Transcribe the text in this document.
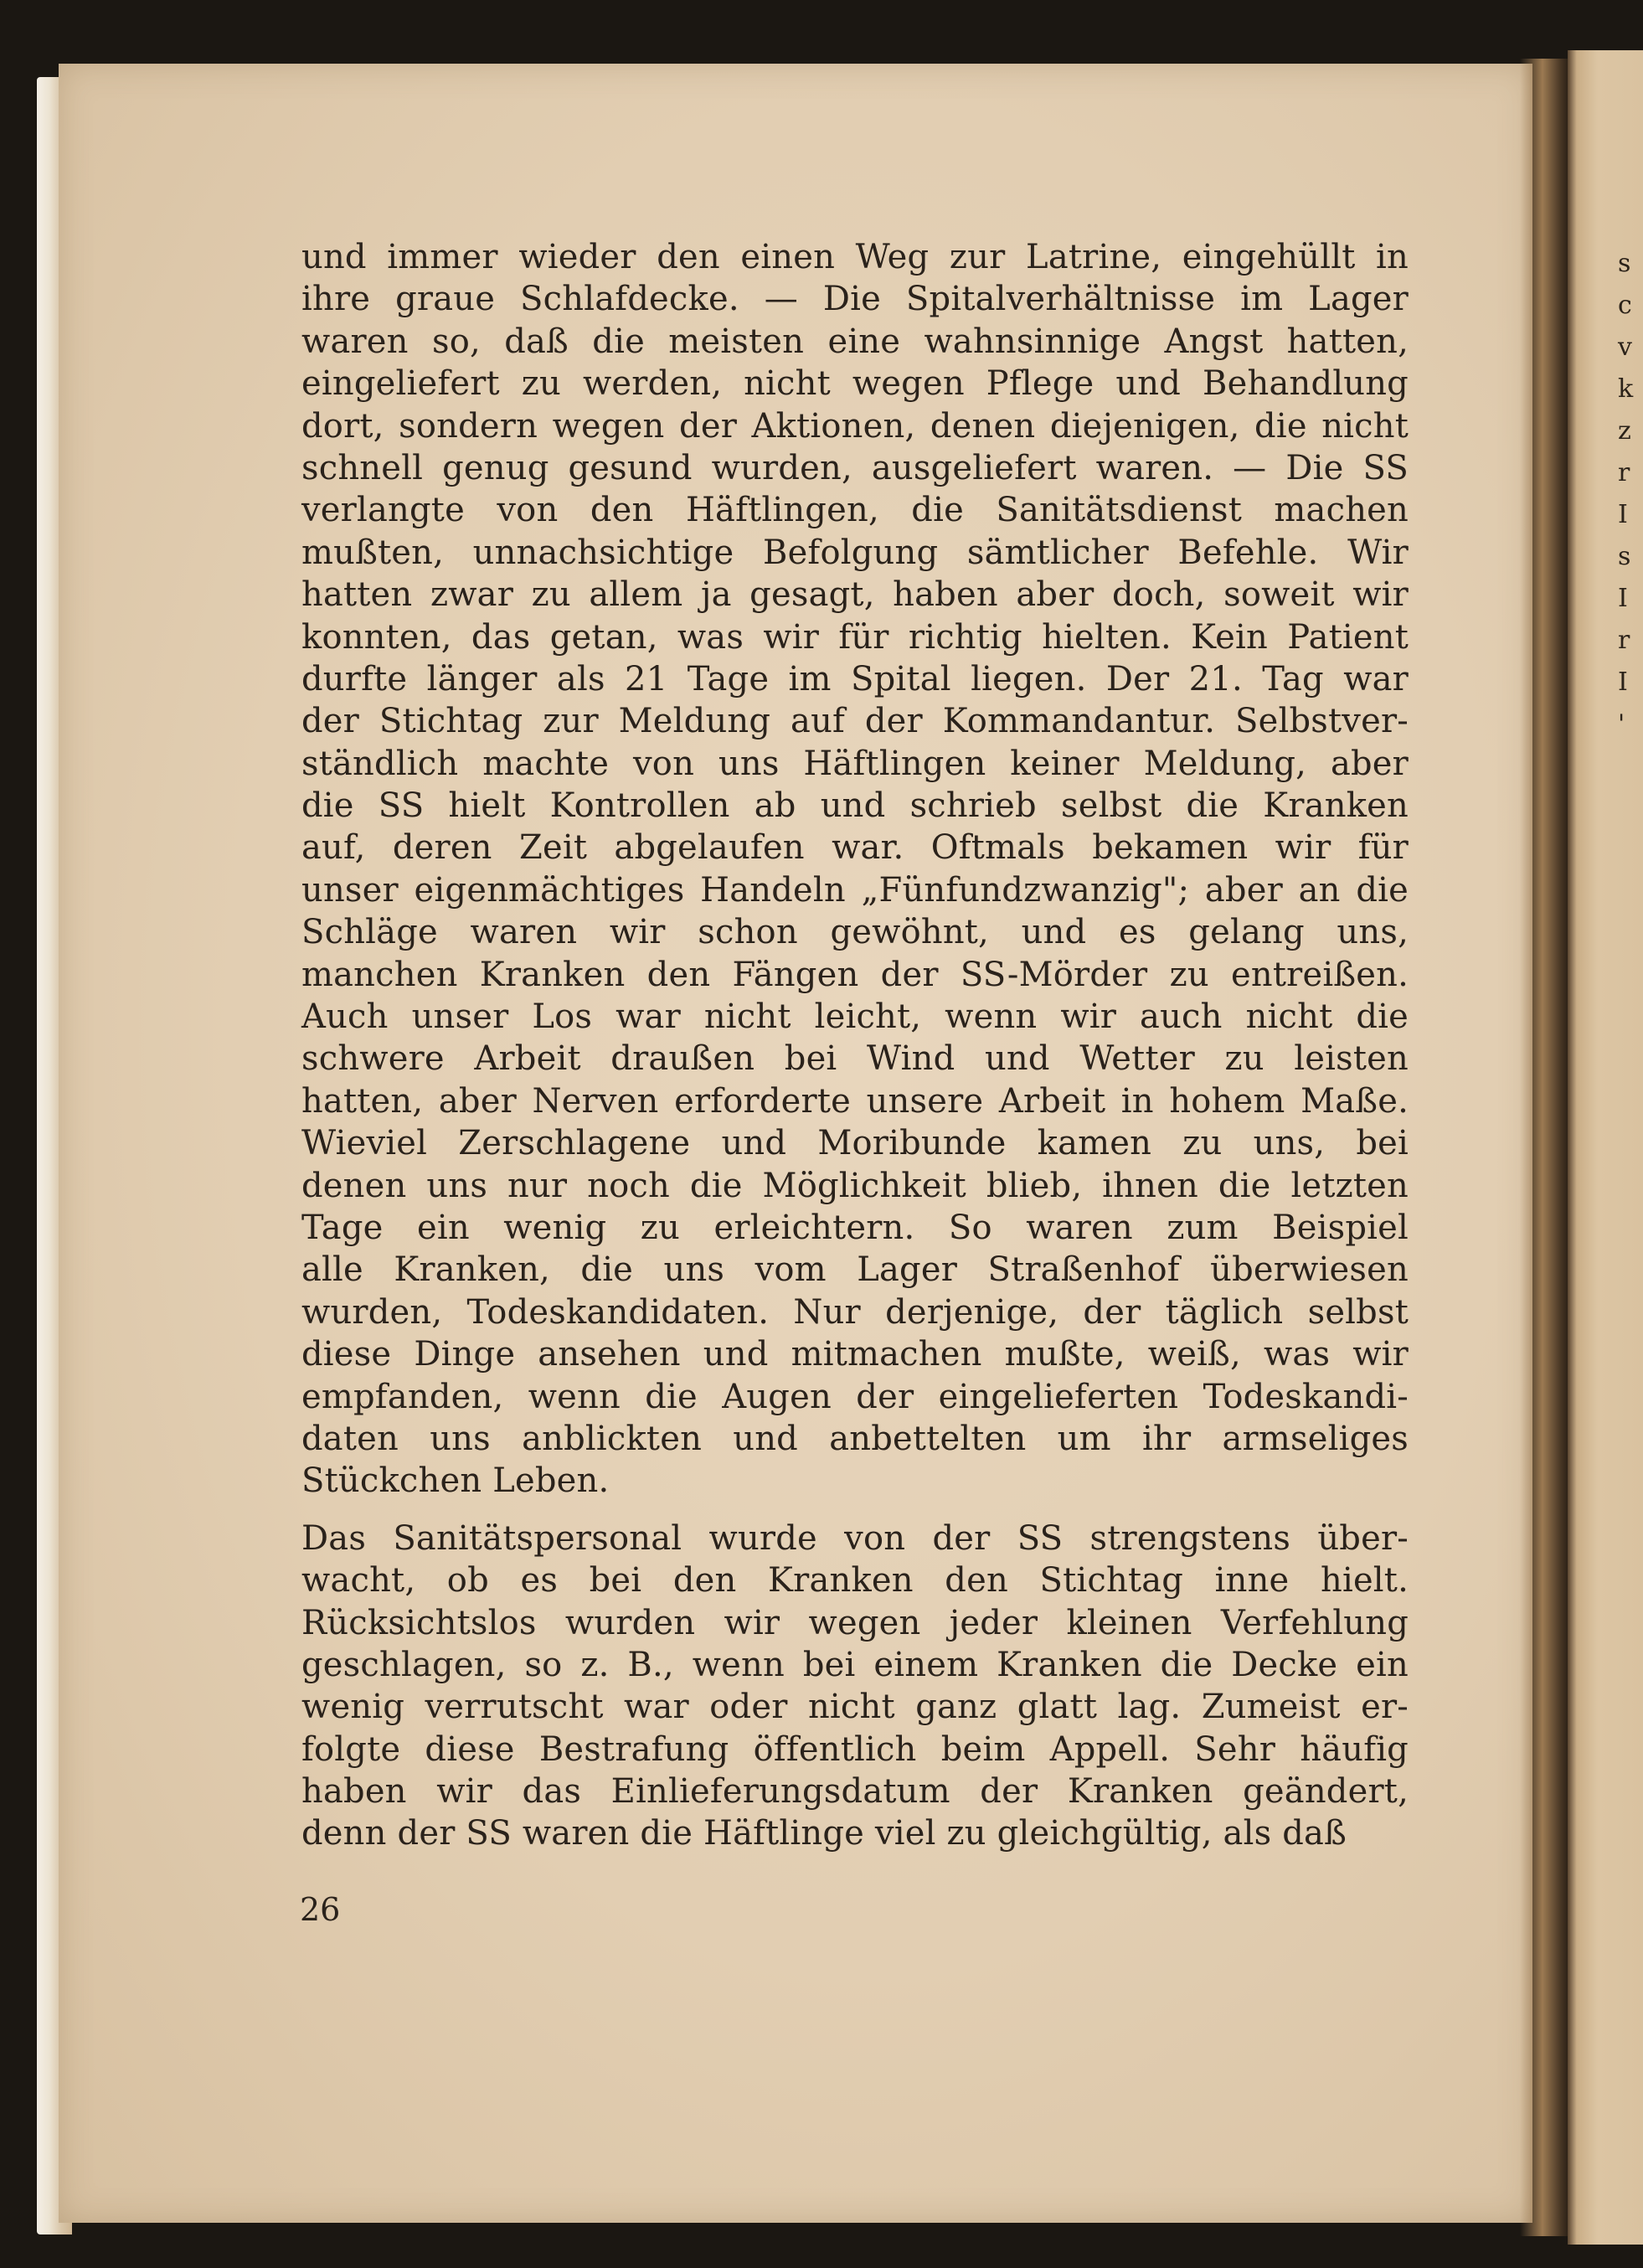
s
c
v
k
z
r
I
s
I
r
I
'

und immer wieder den einen Weg zur Latrine, eingehüllt in
ihre graue Schlafdecke. — Die Spitalverhältnisse im Lager
waren so, daß die meisten eine wahnsinnige Angst hatten,
eingeliefert zu werden, nicht wegen Pflege und Behandlung
dort, sondern wegen der Aktionen, denen diejenigen, die nicht
schnell genug gesund wurden, ausgeliefert waren. — Die SS
verlangte von den Häftlingen, die Sanitätsdienst machen
mußten, unnachsichtige Befolgung sämtlicher Befehle. Wir
hatten zwar zu allem ja gesagt, haben aber doch, soweit wir
konnten, das getan, was wir für richtig hielten. Kein Patient
durfte länger als 21 Tage im Spital liegen. Der 21. Tag war
der Stichtag zur Meldung auf der Kommandantur. Selbstver-
ständlich machte von uns Häftlingen keiner Meldung, aber
die SS hielt Kontrollen ab und schrieb selbst die Kranken
auf, deren Zeit abgelaufen war. Oftmals bekamen wir für
unser eigenmächtiges Handeln „Fünfundzwanzig"; aber an die
Schläge waren wir schon gewöhnt, und es gelang uns,
manchen Kranken den Fängen der SS-Mörder zu entreißen.
Auch unser Los war nicht leicht, wenn wir auch nicht die
schwere Arbeit draußen bei Wind und Wetter zu leisten
hatten, aber Nerven erforderte unsere Arbeit in hohem Maße.
Wieviel Zerschlagene und Moribunde kamen zu uns, bei
denen uns nur noch die Möglichkeit blieb, ihnen die letzten
Tage ein wenig zu erleichtern. So waren zum Beispiel
alle Kranken, die uns vom Lager Straßenhof überwiesen
wurden, Todeskandidaten. Nur derjenige, der täglich selbst
diese Dinge ansehen und mitmachen mußte, weiß, was wir
empfanden, wenn die Augen der eingelieferten Todeskandi-
daten uns anblickten und anbettelten um ihr armseliges
Stückchen Leben.

Das Sanitätspersonal wurde von der SS strengstens über-
wacht, ob es bei den Kranken den Stichtag inne hielt.
Rücksichtslos wurden wir wegen jeder kleinen Verfehlung
geschlagen, so z. B., wenn bei einem Kranken die Decke ein
wenig verrutscht war oder nicht ganz glatt lag. Zumeist er-
folgte diese Bestrafung öffentlich beim Appell. Sehr häufig
haben wir das Einlieferungsdatum der Kranken geändert,
denn der SS waren die Häftlinge viel zu gleichgültig, als daß

26
